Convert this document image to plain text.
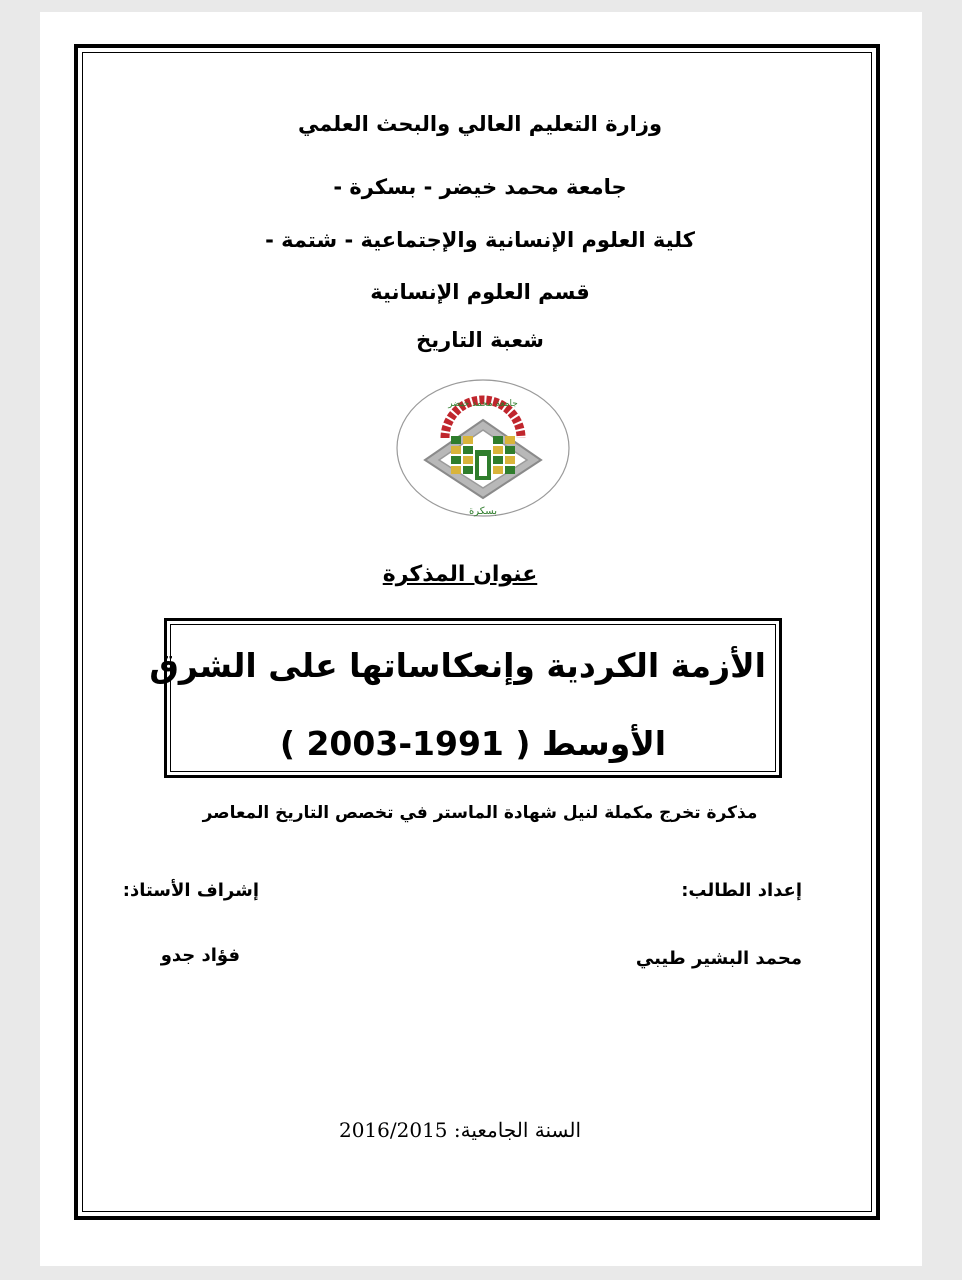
وزارة التعليم العالي والبحث العلمي
جامعة محمد خيضر - بسكرة -
كلية العلوم الإنسانية والإجتماعية - شتمة -
قسم العلوم الإنسانية
شعبة التاريخ
جامعة محمد خيضر
بسكرة
عنوان المذكرة
الأزمة الكردية وإنعكاساتها على الشرق
الأوسط ( 1991-2003 )
مذكرة تخرج مكملة لنيل شهادة الماستر في تخصص التاريخ المعاصر
إعداد الطالب:
إشراف الأستاذ:
محمد البشير طيبي
فؤاد جدو
السنة الجامعية: 2016/2015
